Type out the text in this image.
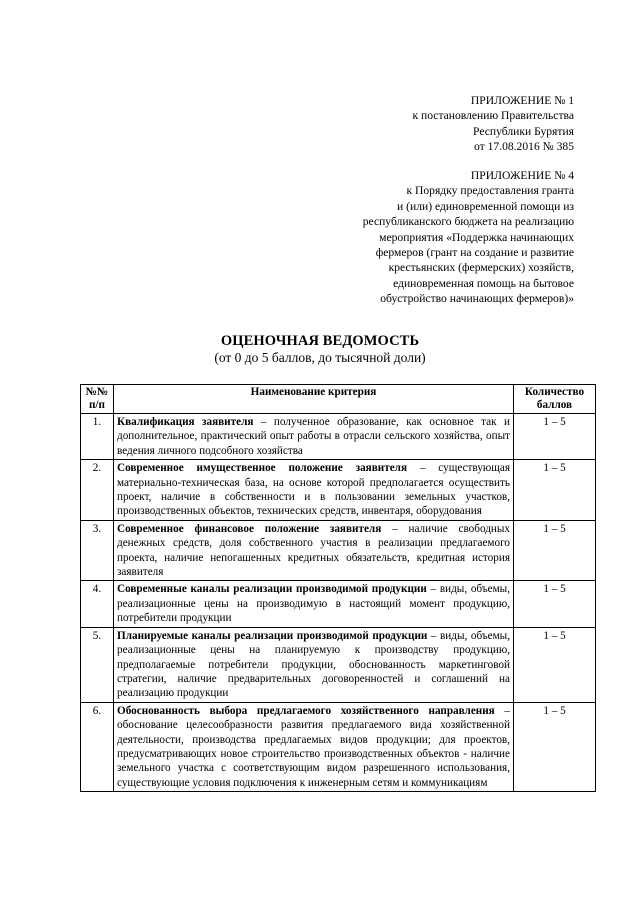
ПРИЛОЖЕНИЕ № 1
к постановлению Правительства
Республики Бурятия
от 17.08.2016 № 385
ПРИЛОЖЕНИЕ № 4
к Порядку предоставления гранта
и (или) единовременной помощи из
республиканского бюджета на реализацию
мероприятия «Поддержка начинающих
фермеров (грант на создание и развитие
крестьянских (фермерских) хозяйств,
единовременная помощь на бытовое
обустройство начинающих фермеров)»
ОЦЕНОЧНАЯ ВЕДОМОСТЬ
(от 0 до 5 баллов, до тысячной доли)
№№ п/п	Наименование критерия	Количество баллов
1.	Квалификация заявителя – полученное образование, как основное так и дополнительное, практический опыт работы в отрасли сельского хозяйства, опыт ведения личного подсобного хозяйства	1 – 5
2.	Современное имущественное положение заявителя – существующая материально-техническая база, на основе которой предполагается осуществить проект, наличие в собственности и в пользовании земельных участков, производственных объектов, технических средств, инвентаря, оборудования	1 – 5
3.	Современное финансовое положение заявителя – наличие свободных денежных средств, доля собственного участия в реализации предлагаемого проекта, наличие непогашенных кредитных обязательств, кредитная история заявителя	1 – 5
4.	Современные каналы реализации производимой продукции – виды, объемы, реализационные цены на производимую в настоящий момент продукцию, потребители продукции	1 – 5
5.	Планируемые каналы реализации производимой продукции – виды, объемы, реализационные цены на планируемую к производству продукцию, предполагаемые потребители продукции, обоснованность маркетинговой стратегии, наличие предварительных договоренностей и соглашений на реализацию продукции	1 – 5
6.	Обоснованность выбора предлагаемого хозяйственного направления – обоснование целесообразности развития предлагаемого вида хозяйственной деятельности, производства предлагаемых видов продукции; для проектов, предусматривающих новое строительство производственных объектов - наличие земельного участка с соответствующим видом разрешенного использования, существующие условия подключения к инженерным сетям и коммуникациям	1 – 5
